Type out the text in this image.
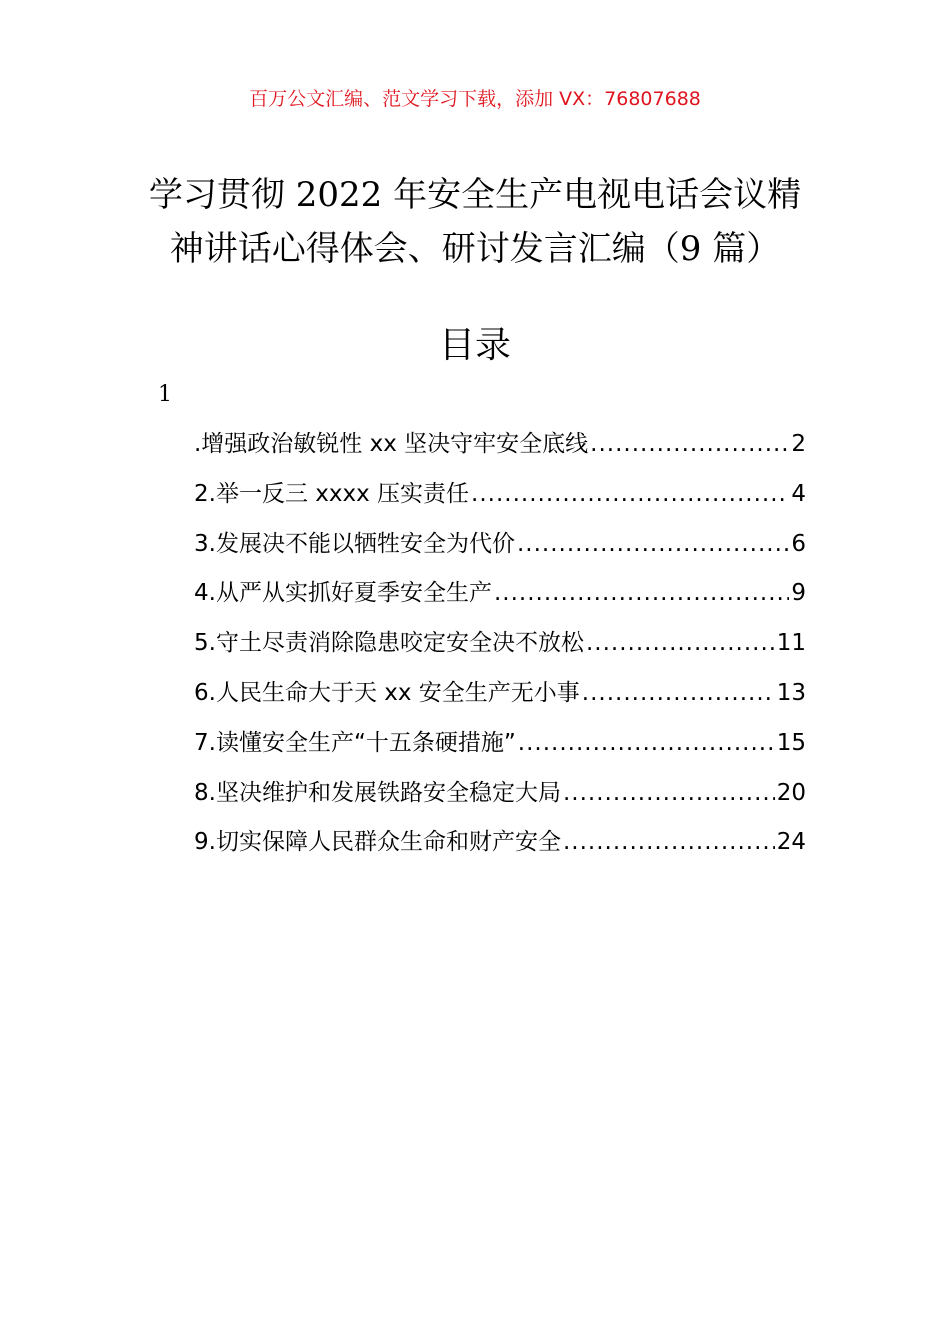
百万公文汇编、范文学习下载，添加 VX：76807688
学习贯彻 2022 年安全生产电视电话会议精
神讲话心得体会、研讨发言汇编（9 篇）
目录
1
.增强政治敏锐性 xx 坚决守牢安全底线 .....	2
2.举一反三 xxxx 压实责任 .....	4
3.发展决不能以牺牲安全为代价 .....	6
4.从严从实抓好夏季安全生产 .....	9
5.守土尽责消除隐患咬定安全决不放松 .....	11
6.人民生命大于天 xx 安全生产无小事 .....	13
7.读懂安全生产“十五条硬措施” .....	15
8.坚决维护和发展铁路安全稳定大局 .....	20
9.切实保障人民群众生命和财产安全 .....	24
